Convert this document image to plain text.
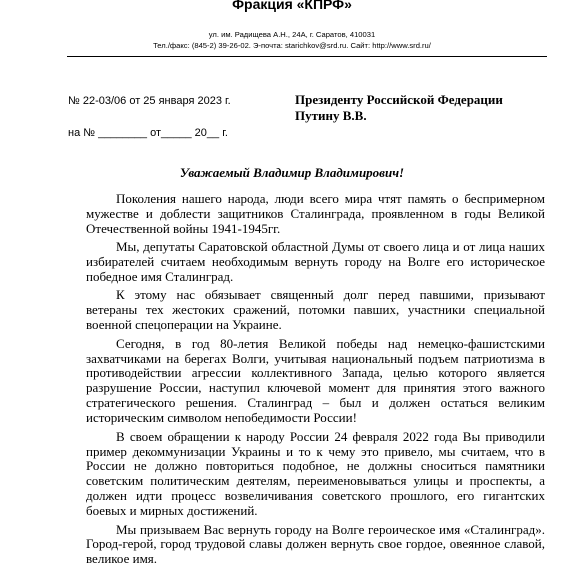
Фракция «КПРФ»
ул. им. Радищева А.Н., 24А, г. Саратов, 410031
Тел./факс: (845-2) 39-26-02. Э-почта: starichkov@srd.ru. Сайт: http://www.srd.ru/
№ 22-03/06 от 25 января 2023 г.
на № ________ от_____ 20__ г.
Президенту Российской Федерации
Путину В.В.
Уважаемый Владимир Владимирович!

Поколения нашего народа, люди всего мира чтят память о беспримерном мужестве и доблести защитников Сталинграда, проявленном в годы Великой Отечественной войны 1941-1945гг.

Мы, депутаты Саратовской областной Думы от своего лица и от лица наших избирателей считаем необходимым вернуть городу на Волге его историческое победное имя Сталинград.

К этому нас обязывает священный долг перед павшими, призывают ветераны тех жестоких сражений, потомки павших, участники специальной военной спецоперации на Украине.

Сегодня, в год 80-летия Великой победы над немецко-фашистскими захватчиками на берегах Волги, учитывая национальный подъем патриотизма в противодействии агрессии коллективного Запада, целью которого является разрушение России, наступил ключевой момент для принятия этого важного стратегического решения. Сталинград – был и должен остаться великим историческим символом непобедимости России!

В своем обращении к народу России 24 февраля 2022 года Вы приводили пример декоммунизации Украины и то к чему это привело, мы считаем, что в России не должно повториться подобное, не должны сноситься памятники советским политическим деятелям, переименовываться улицы и проспекты, а должен идти процесс возвеличивания советского прошлого, его гигантских боевых и мирных достижений.

Мы призываем Вас вернуть городу на Волге героическое имя «Сталинград». Город-герой, город трудовой славы должен вернуть свое гордое, овеянное славой, великое имя.
